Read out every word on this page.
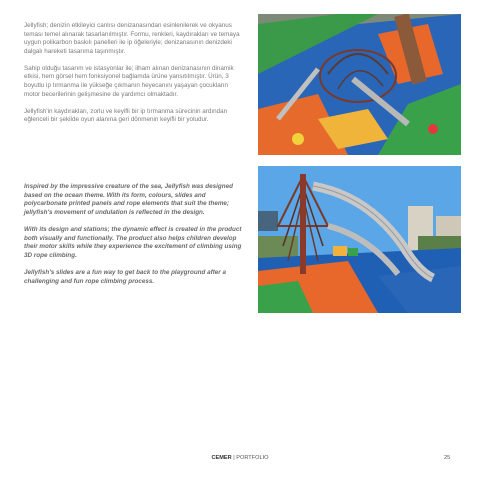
Jellyfish; denizin etkileyici canlısı denizanasından esinlenilerek ve okyanus teması temel alınarak tasarlanılmıştır. Formu, renkleri, kaydırakları ve temaya uygun polikarbon baskılı panelleri ile ip öğeleriyle; denizanasının denizdeki dalgalı hareketi tasarıma taşınmıştır.

Sahip olduğu tasarım ve istasyonlar ile; ilham alınan denizanasının dinamik etkisi, hem görsel hem fonksiyonel bağlamda ürüne yansıtılmıştır. Ürün, 3 boyutlu ip tırmanma ile yükseğe çıkmanın heyecanını yaşayan çocukların motor becerilerinin gelişmesine de yardımcı olmaktadır.

Jellyfish'in kaydırakları, zorlu ve keyifli bir ip tırmanma sürecinin ardından eğlenceli bir şekilde oyun alanına geri dönmenin keyifli bir yoludur.

Inspired by the impressive creature of the sea, Jellyfish was designed based on the ocean theme. With its form, colours, slides and polycarbonate printed panels and rope elements that suit the theme; jellyfish's movement of undulation is reflected in the design.

With its design and stations; the dynamic effect is created in the product both visually and functionally. The product also helps children develop their motor skills while they experience the excitement of climbing using 3D rope climbing.

Jellyfish's slides are a fun way to get back to the playground after a challenging and fun rope climbing process.

CEMER | PORTFOLIO	25
